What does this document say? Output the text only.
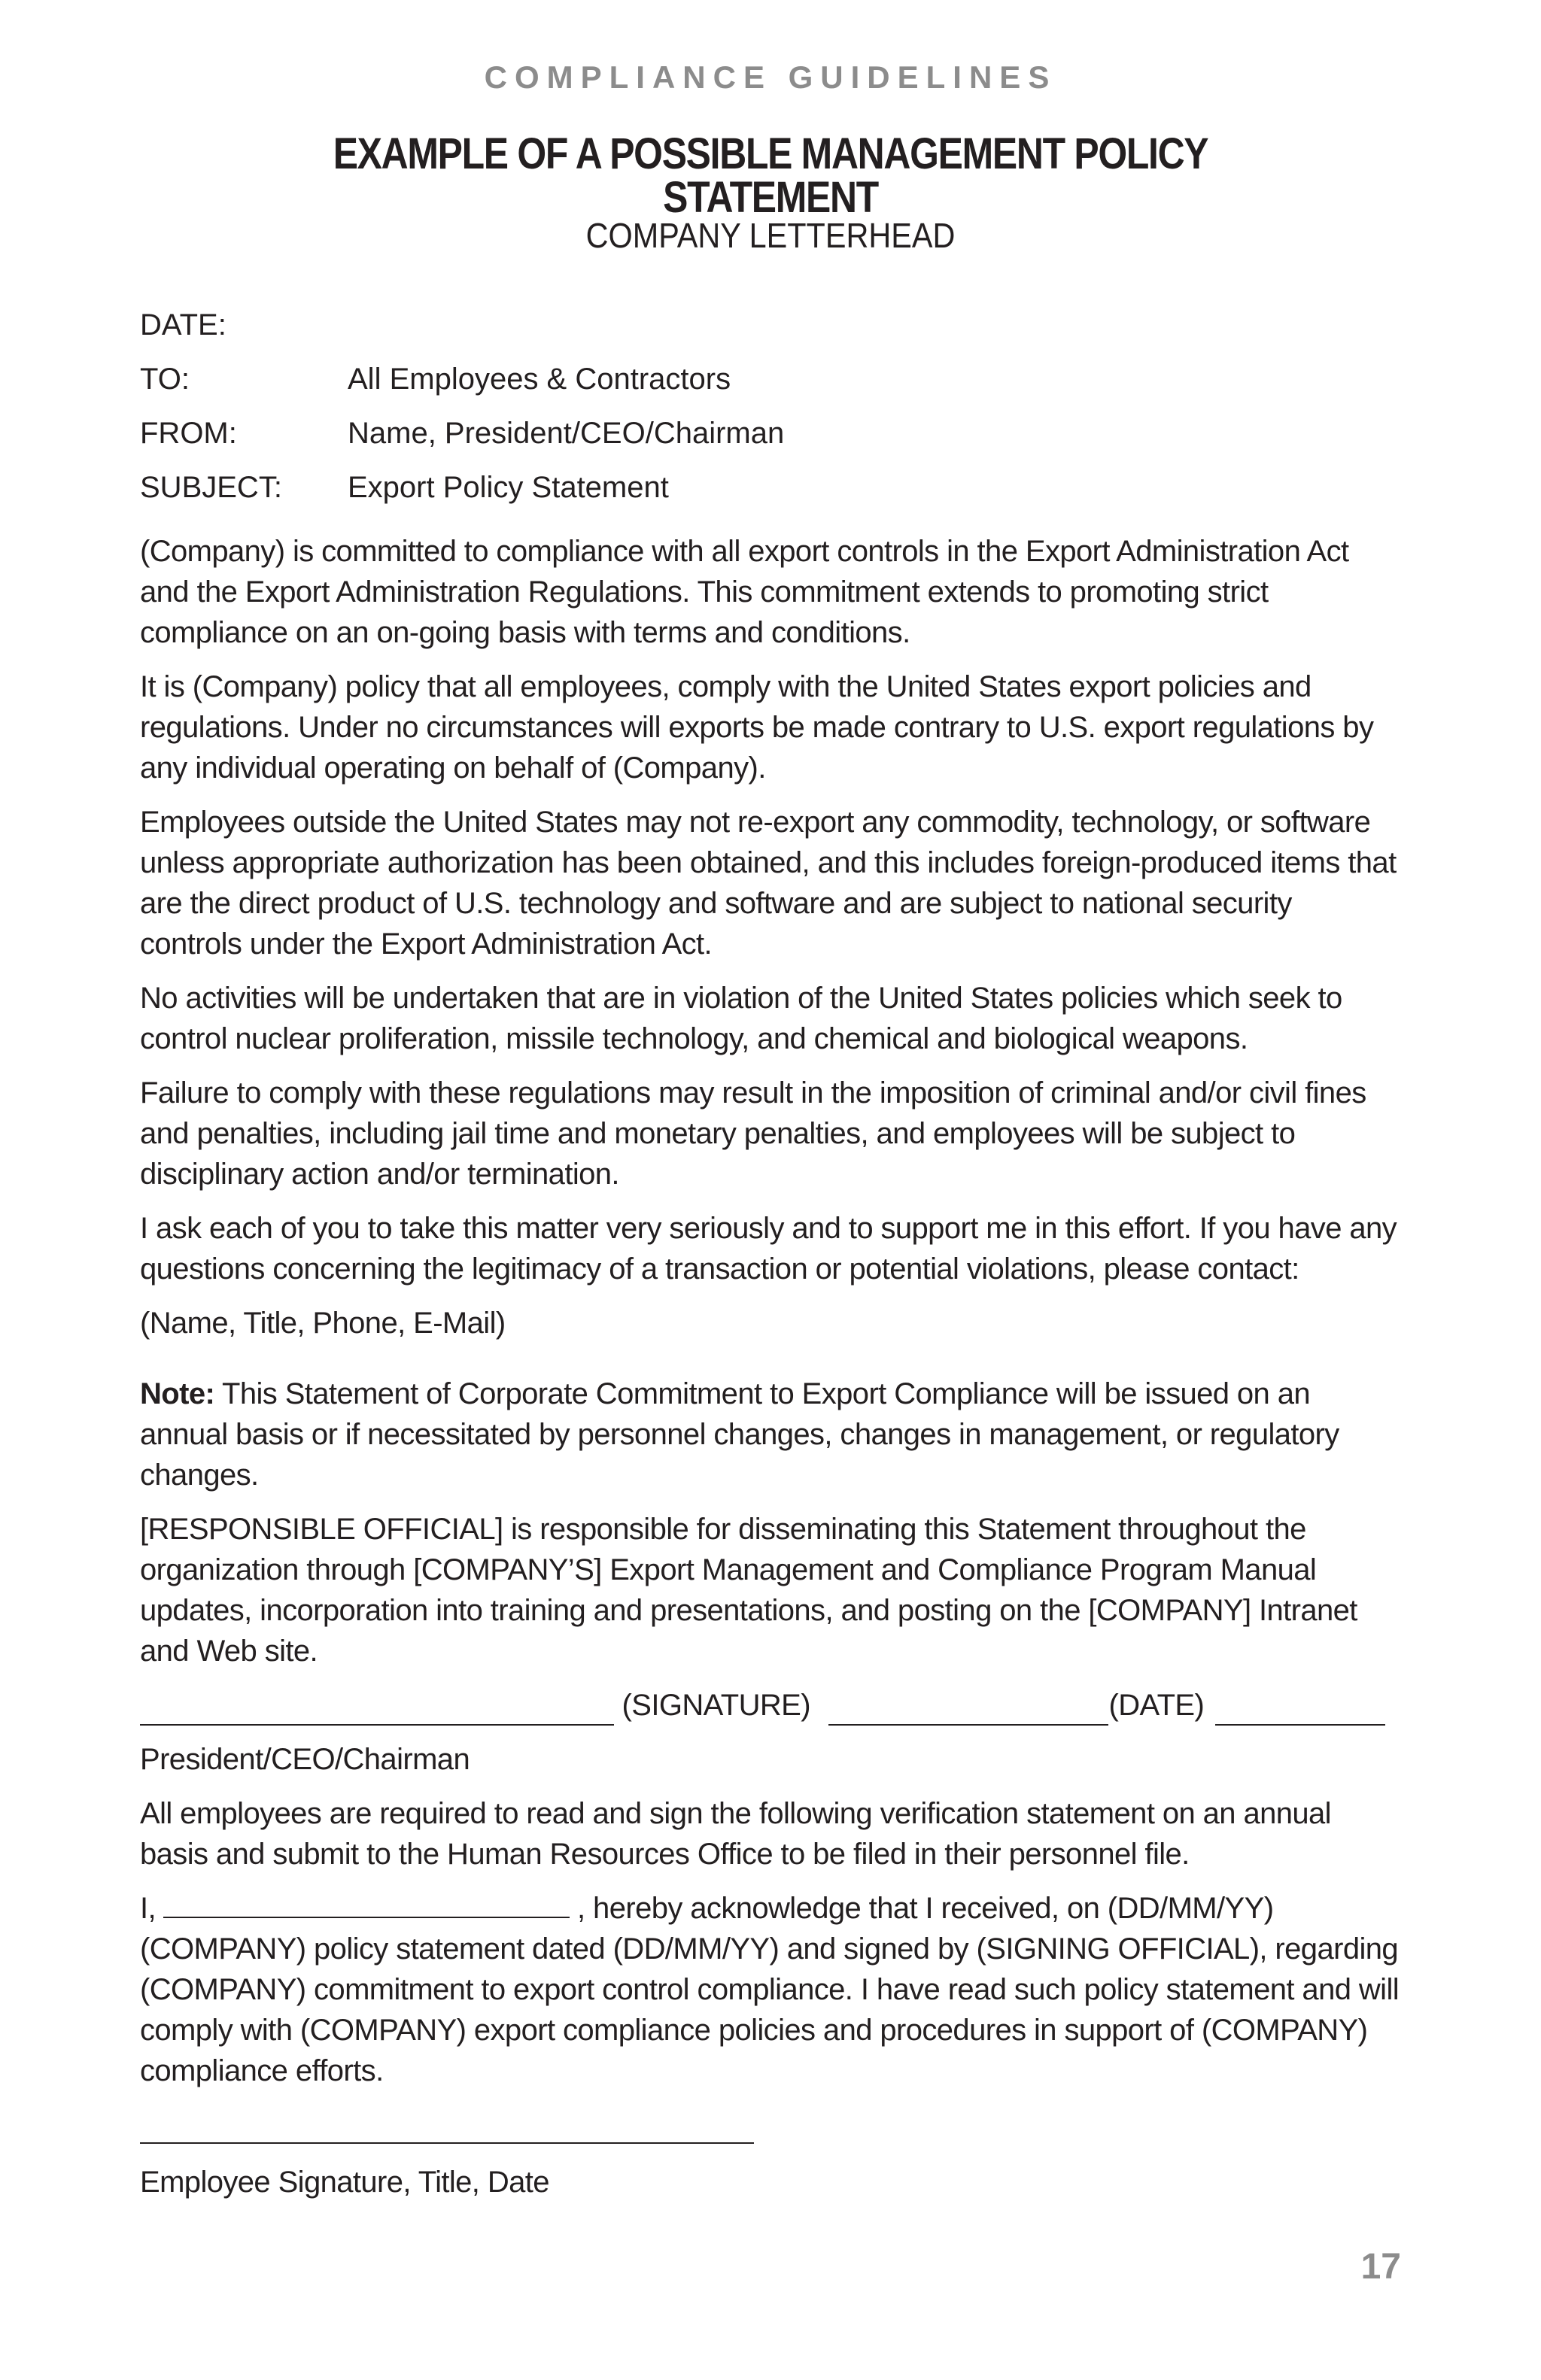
COMPLIANCE GUIDELINES
EXAMPLE OF A POSSIBLE MANAGEMENT POLICY STATEMENT
COMPANY LETTERHEAD
DATE:
TO:	All Employees & Contractors
FROM:	Name, President/CEO/Chairman
SUBJECT: Export Policy Statement

(Company) is committed to compliance with all export controls in the Export Administration Act and the Export Administration Regulations. This commitment extends to promoting strict compliance on an on-going basis with terms and conditions.

It is (Company) policy that all employees, comply with the United States export policies and regulations. Under no circumstances will exports be made contrary to U.S. export regulations by any individual operating on behalf of (Company).

Employees outside the United States may not re-export any commodity, technology, or software unless appropriate authorization has been obtained, and this includes foreign-produced items that are the direct product of U.S. technology and software and are subject to national security controls under the Export Administration Act.

No activities will be undertaken that are in violation of the United States policies which seek to control nuclear proliferation, missile technology, and chemical and biological weapons.

Failure to comply with these regulations may result in the imposition of criminal and/or civil fines and penalties, including jail time and monetary penalties, and employees will be subject to disciplinary action and/or termination.

I ask each of you to take this matter very seriously and to support me in this effort. If you have any questions concerning the legitimacy of a transaction or potential violations, please contact:

(Name, Title, Phone, E-Mail)

Note: This Statement of Corporate Commitment to Export Compliance will be issued on an annual basis or if necessitated by personnel changes, changes in management, or regulatory changes.

[RESPONSIBLE OFFICIAL] is responsible for disseminating this Statement throughout the organization through [COMPANY’S] Export Management and Compliance Program Manual updates, incorporation into training and presentations, and posting on the [COMPANY] Intranet and Web site.

(SIGNATURE)	(DATE)

President/CEO/Chairman

All employees are required to read and sign the following verification statement on an annual basis and submit to the Human Resources Office to be filed in their personnel file.

I,	, hereby acknowledge that I received, on (DD/MM/YY) (COMPANY) policy statement dated (DD/MM/YY) and signed by (SIGNING OFFICIAL), regarding (COMPANY) commitment to export control compliance. I have read such policy statement and will comply with (COMPANY) export compliance policies and procedures in support of (COMPANY) compliance efforts.

Employee Signature, Title, Date

17
